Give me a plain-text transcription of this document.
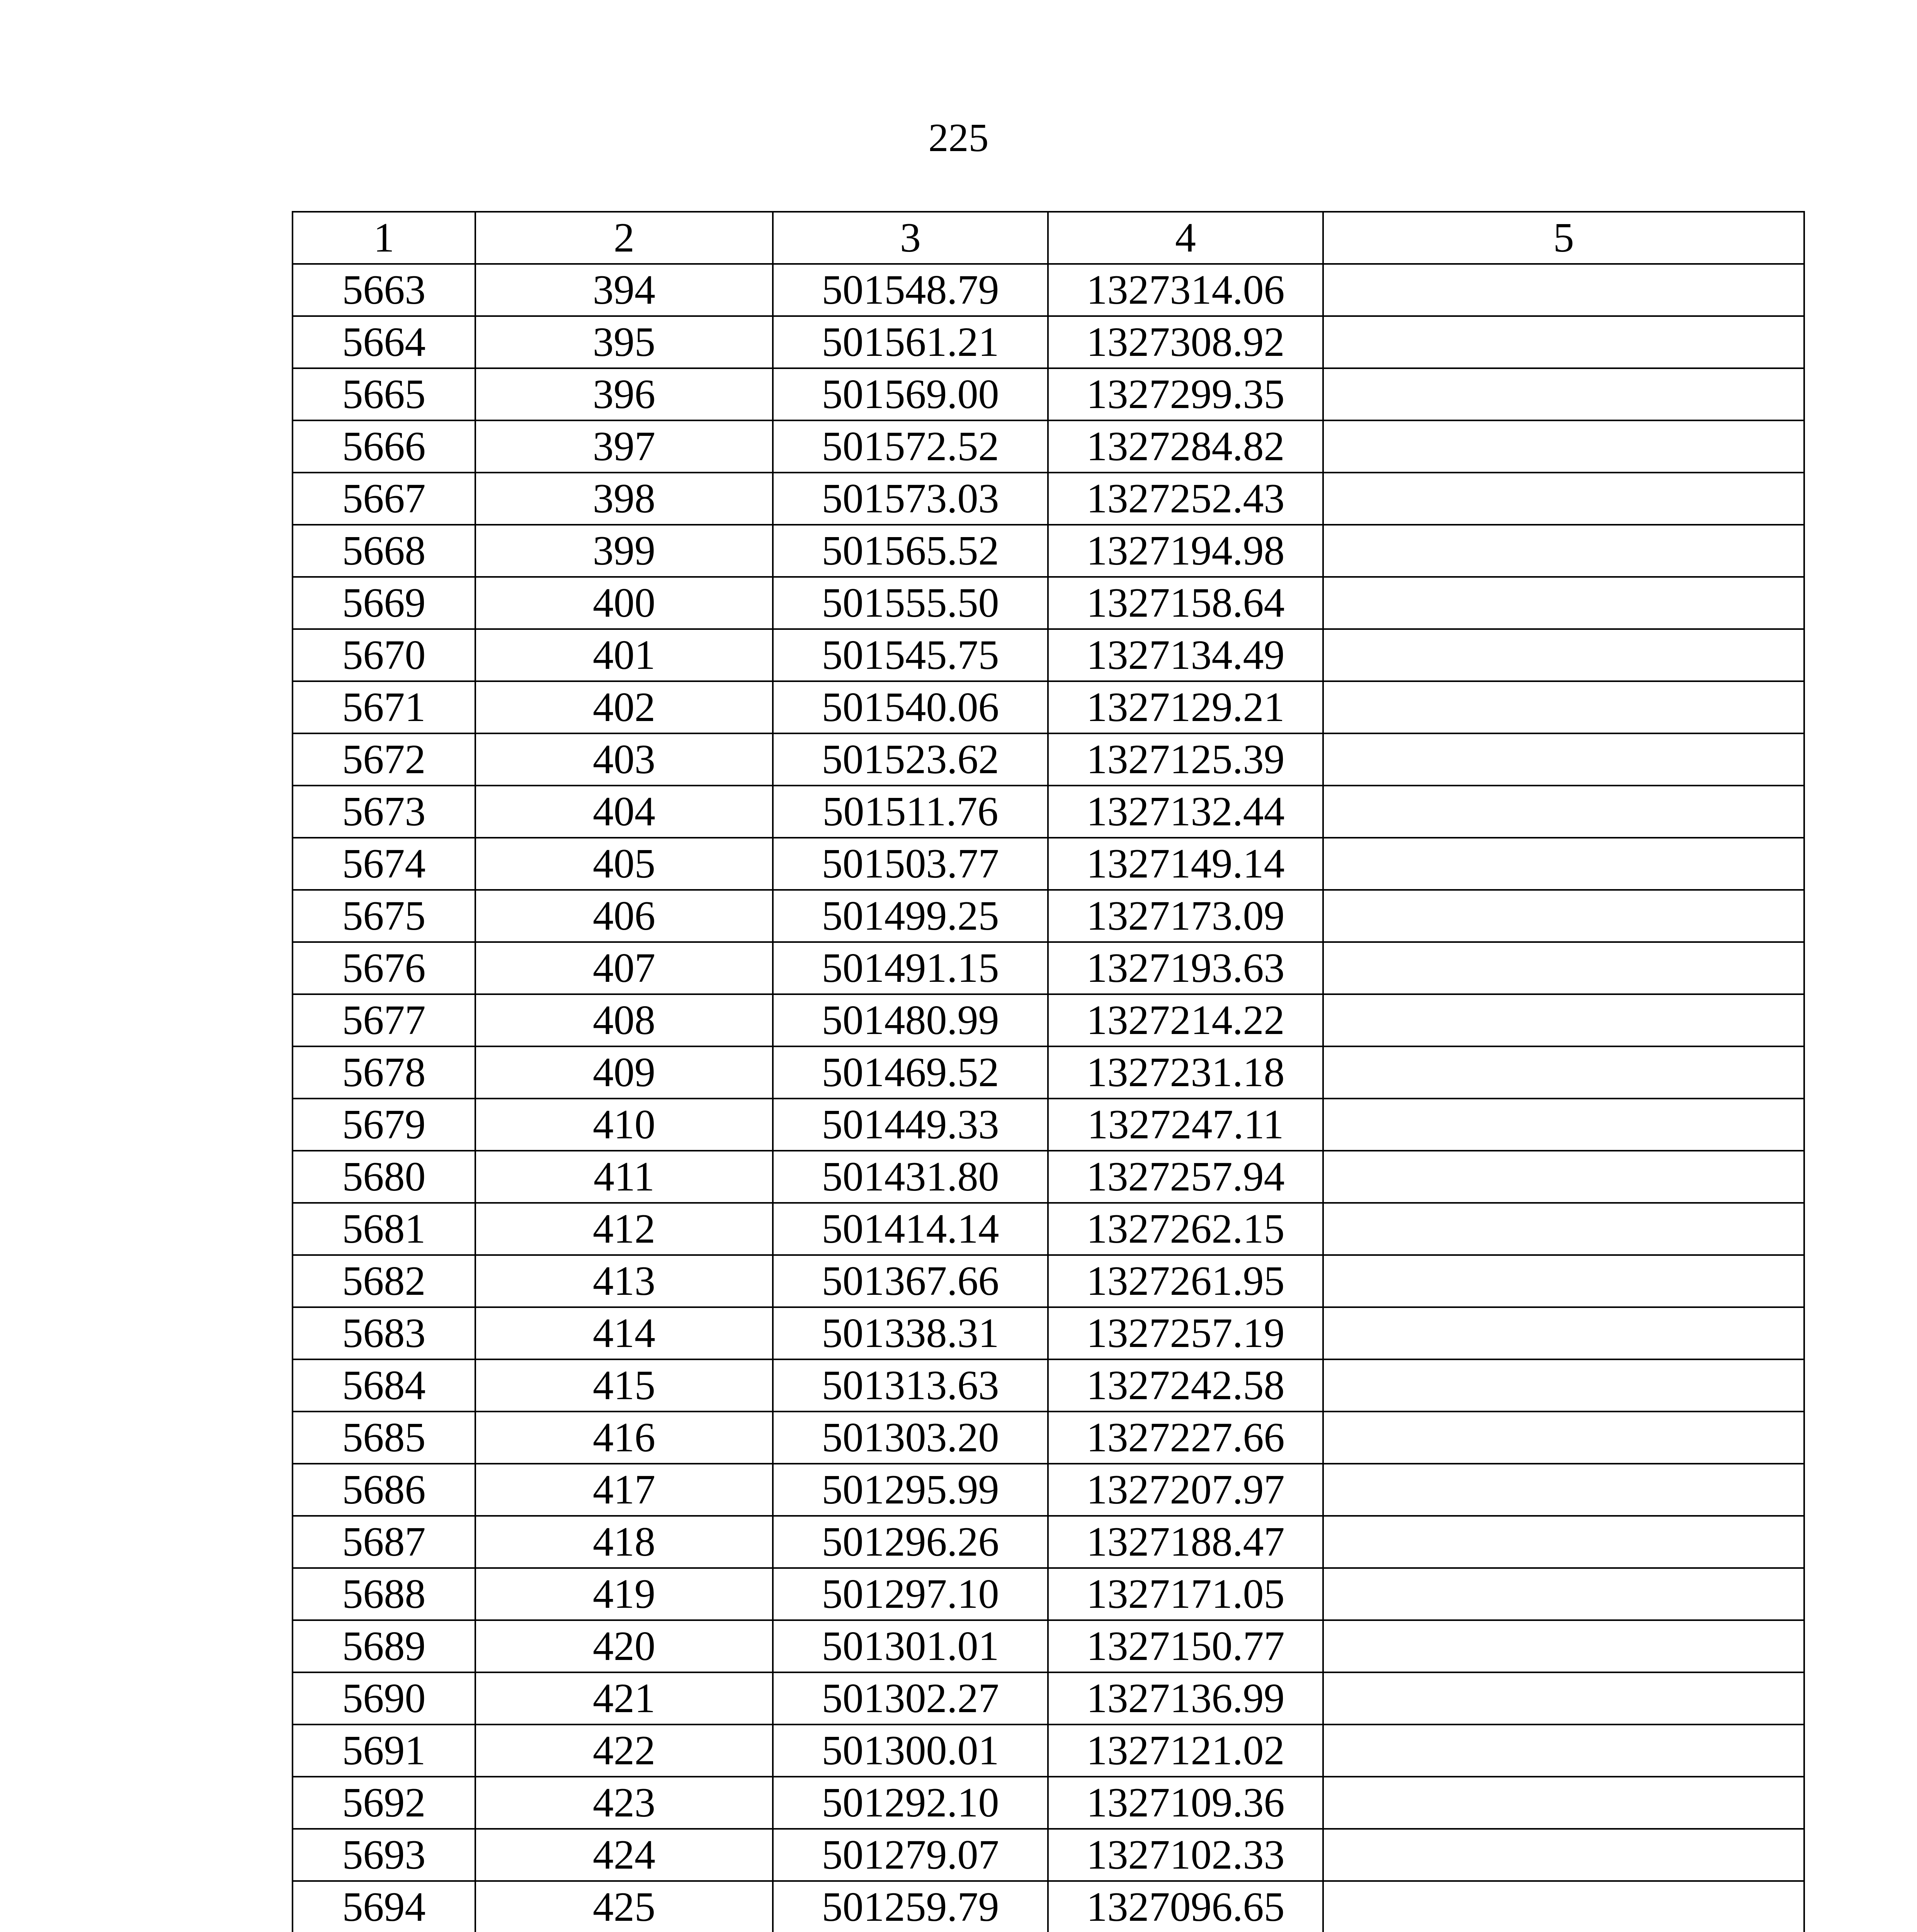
225
1	2	3	4	5
5663	394	501548.79	1327314.06	
5664	395	501561.21	1327308.92	
5665	396	501569.00	1327299.35	
5666	397	501572.52	1327284.82	
5667	398	501573.03	1327252.43	
5668	399	501565.52	1327194.98	
5669	400	501555.50	1327158.64	
5670	401	501545.75	1327134.49	
5671	402	501540.06	1327129.21	
5672	403	501523.62	1327125.39	
5673	404	501511.76	1327132.44	
5674	405	501503.77	1327149.14	
5675	406	501499.25	1327173.09	
5676	407	501491.15	1327193.63	
5677	408	501480.99	1327214.22	
5678	409	501469.52	1327231.18	
5679	410	501449.33	1327247.11	
5680	411	501431.80	1327257.94	
5681	412	501414.14	1327262.15	
5682	413	501367.66	1327261.95	
5683	414	501338.31	1327257.19	
5684	415	501313.63	1327242.58	
5685	416	501303.20	1327227.66	
5686	417	501295.99	1327207.97	
5687	418	501296.26	1327188.47	
5688	419	501297.10	1327171.05	
5689	420	501301.01	1327150.77	
5690	421	501302.27	1327136.99	
5691	422	501300.01	1327121.02	
5692	423	501292.10	1327109.36	
5693	424	501279.07	1327102.33	
5694	425	501259.79	1327096.65	
